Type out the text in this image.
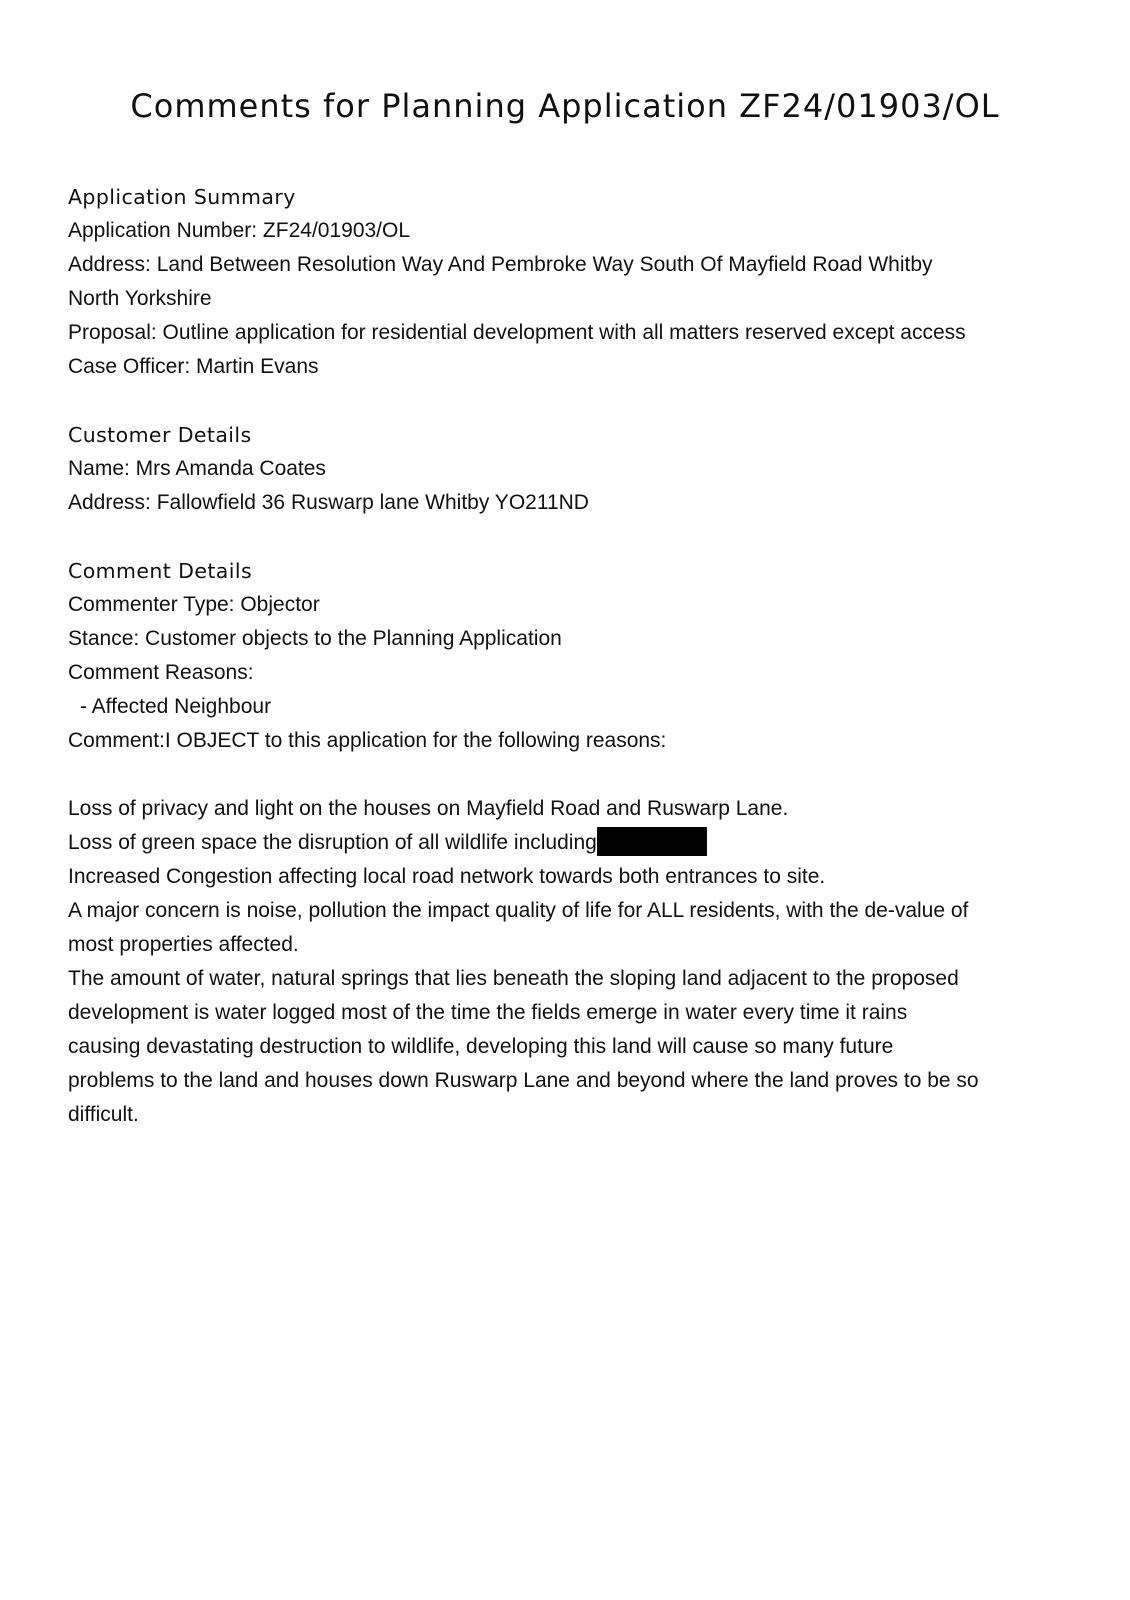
Comments for Planning Application ZF24/01903/OL
Application Summary
Application Number: ZF24/01903/OL
Address: Land Between Resolution Way And Pembroke Way South Of Mayfield Road Whitby
North Yorkshire
Proposal: Outline application for residential development with all matters reserved except access
Case Officer: Martin Evans
Customer Details
Name: Mrs Amanda Coates
Address: Fallowfield 36 Ruswarp lane Whitby YO211ND
Comment Details
Commenter Type: Objector
Stance: Customer objects to the Planning Application
Comment Reasons:
- Affected Neighbour
Comment:I OBJECT to this application for the following reasons:
Loss of privacy and light on the houses on Mayfield Road and Ruswarp Lane.
Loss of green space the disruption of all wildlife including
Increased Congestion affecting local road network towards both entrances to site.
A major concern is noise, pollution the impact quality of life for ALL residents, with the de-value of
most properties affected.
The amount of water, natural springs that lies beneath the sloping land adjacent to the proposed
development is water logged most of the time the fields emerge in water every time it rains
causing devastating destruction to wildlife, developing this land will cause so many future
problems to the land and houses down Ruswarp Lane and beyond where the land proves to be so
difficult.
